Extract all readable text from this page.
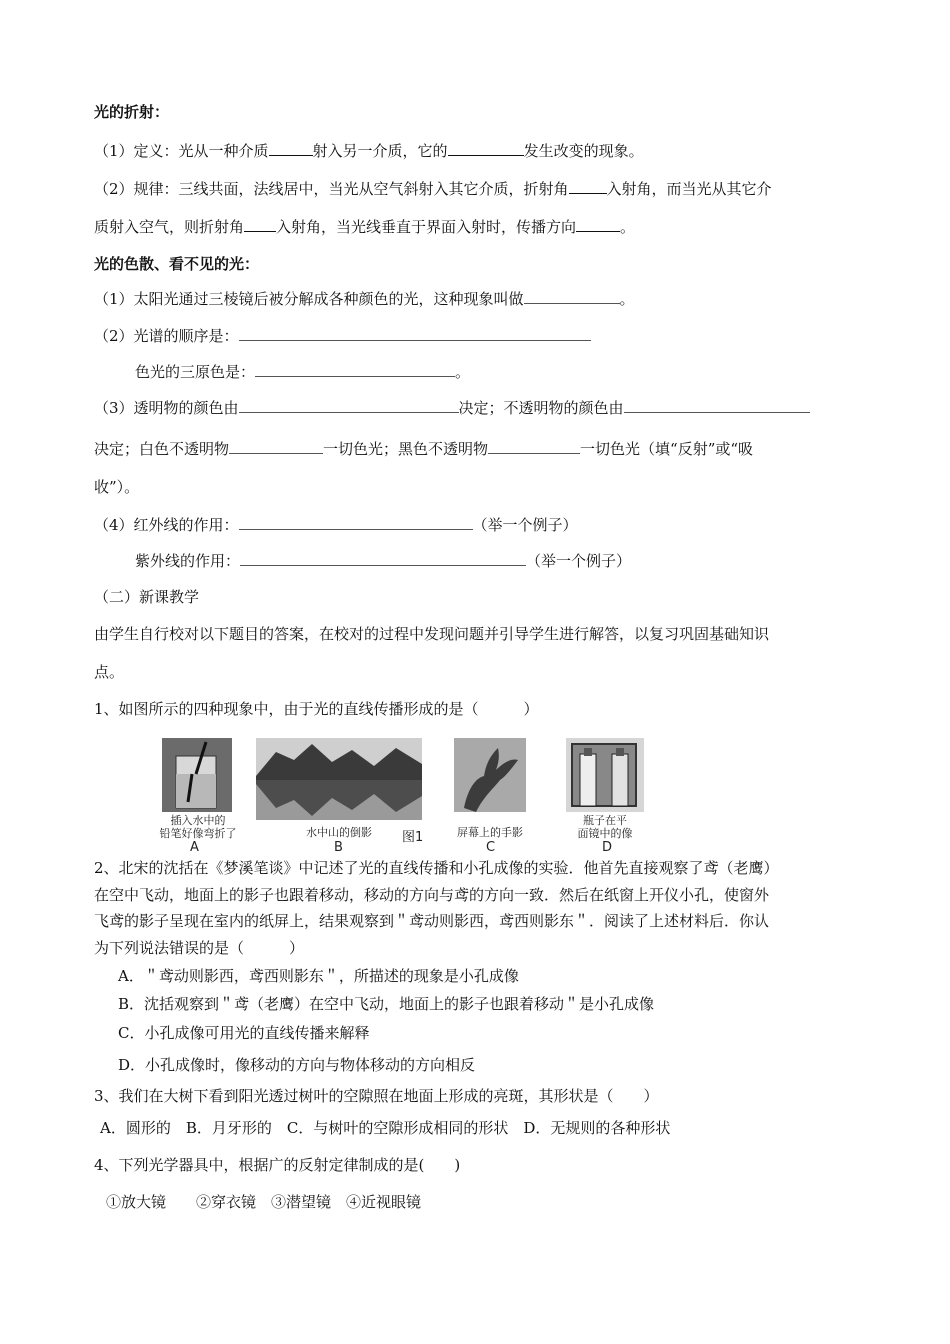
光的折射：
（1）定义：光从一种介质	射入另一介质，它的	发生改变的现象。
（2）规律：三线共面，法线居中，当光从空气斜射入其它介质，折射角	入射角，而当光从其它介
质射入空气，则折射角 入射角，当光线垂直于界面入射时，传播方向	。
光的色散、看不见的光：
（1）太阳光通过三棱镜后被分解成各种颜色的光，这种现象叫做	。
（2）光谱的顺序是：
色光的三原色是：	。
（3）透明物的颜色由	决定；不透明物的颜色由
决定；白色不透明物	一切色光；黑色不透明物	一切色光（填“反射”或“吸
收”）。
（4）红外线的作用：	（举一个例子）
紫外线的作用：	（举一个例子）
（二）新课教学
由学生自行校对以下题目的答案，在校对的过程中发现问题并引导学生进行解答，以复习巩固基础知识
点。
1、如图所示的四种现象中，由于光的直线传播形成的是（　　　）
插入水中的
铅笔好像弯折了	水中山的倒影	屏幕上的手影
瓶子在平
面镜中的像
图1
A	B	C	D
2、北宋的沈括在《梦溪笔谈》中记述了光的直线传播和小孔成像的实验．他首先直接观察了鸢（老鹰）
在空中飞动，地面上的影子也跟着移动，移动的方向与鸢的方向一致．然后在纸窗上开仪小孔，使窗外
飞鸢的影子呈现在室内的纸屏上，结果观察到＂鸢动则影西，鸢西则影东＂．阅读了上述材料后．你认
为下列说法错误的是（　　　）
A．＂鸢动则影西，鸢西则影东＂，所描述的现象是小孔成像
B．沈括观察到＂鸢（老鹰）在空中飞动，地面上的影子也跟着移动＂是小孔成像
C．小孔成像可用光的直线传播来解释
D．小孔成像时，像移动的方向与物体移动的方向相反
3、我们在大树下看到阳光透过树叶的空隙照在地面上形成的亮斑，其形状是（　　）
A．圆形的　B．月牙形的　C．与树叶的空隙形成相同的形状　D．无规则的各种形状
4、下列光学器具中，根据广的反射定律制成的是(　　)
①放大镜　　②穿衣镜　③潜望镜　④近视眼镜
